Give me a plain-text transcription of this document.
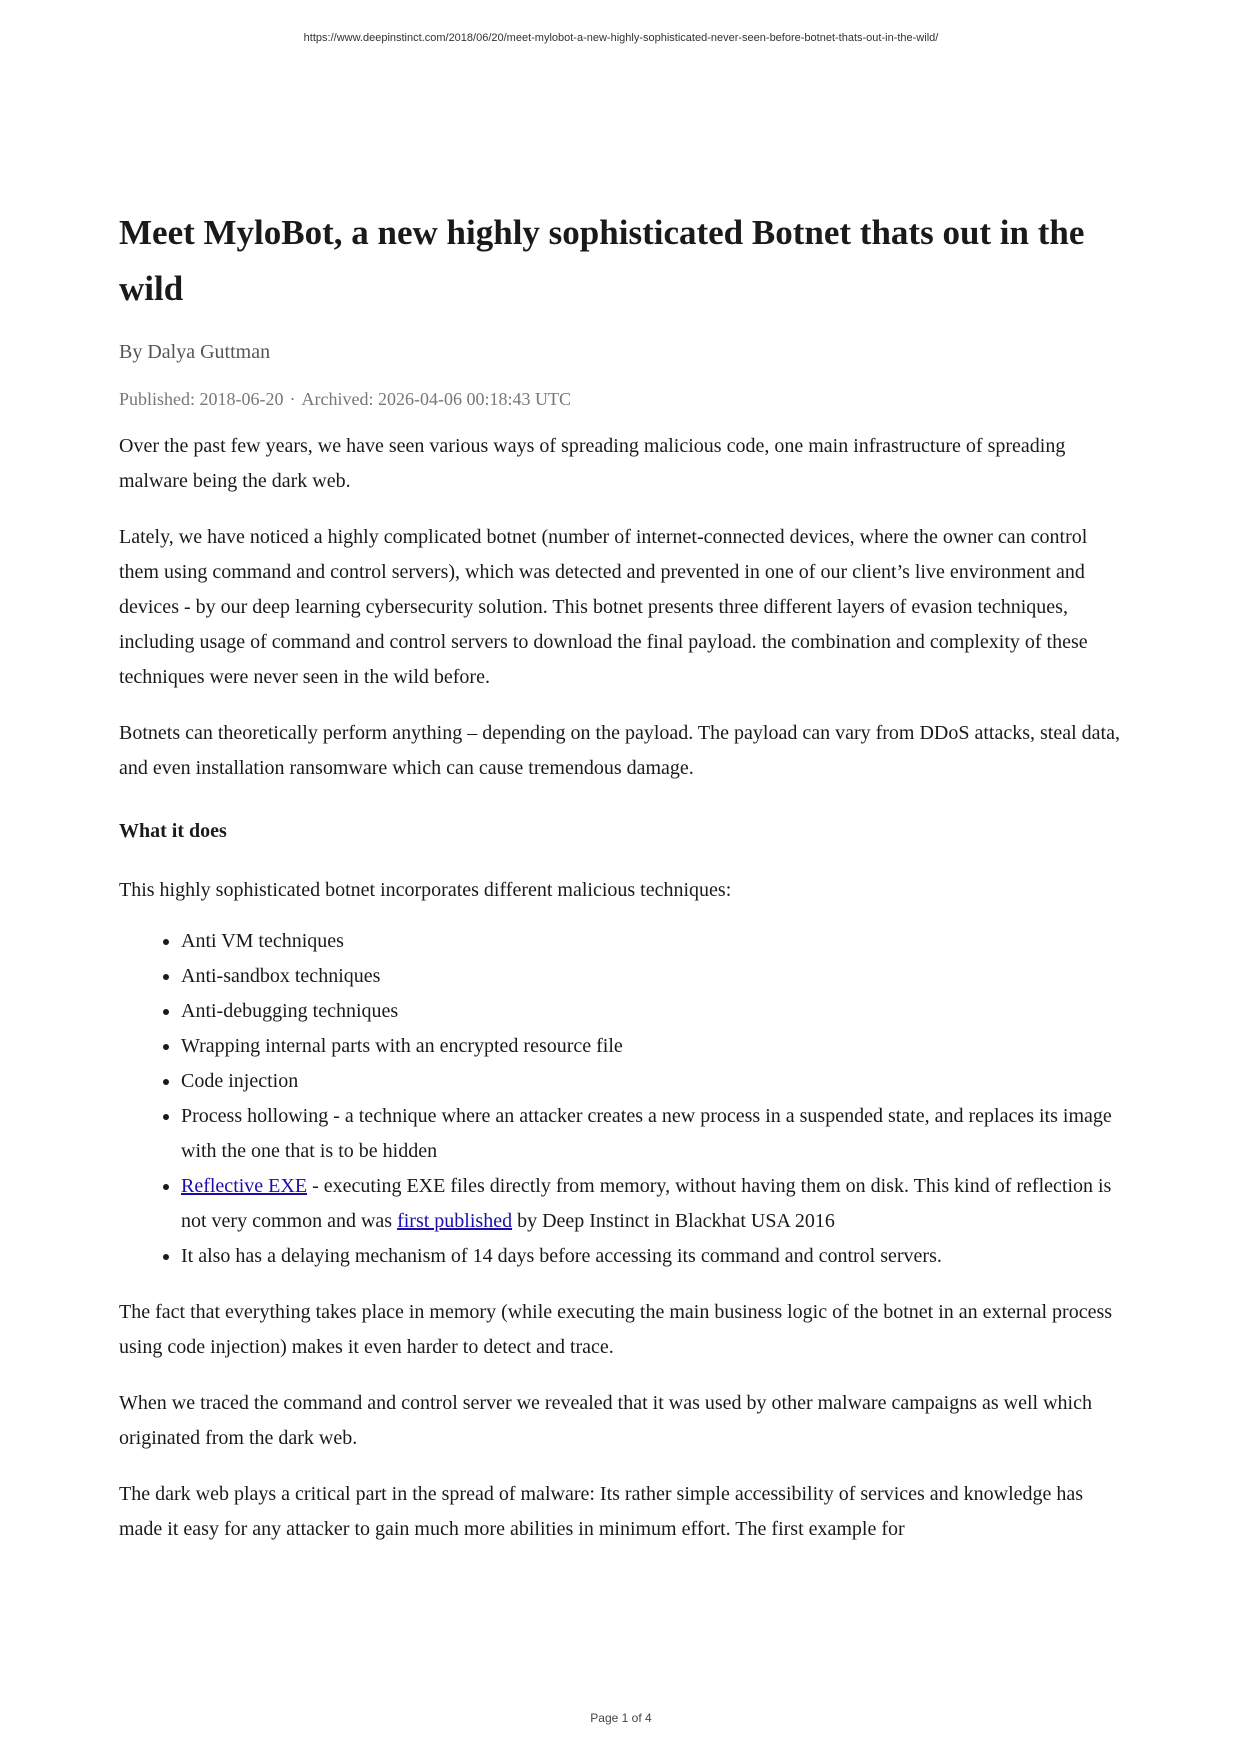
https://www.deepinstinct.com/2018/06/20/meet-mylobot-a-new-highly-sophisticated-never-seen-before-botnet-thats-out-in-the-wild/
Meet MyloBot, a new highly sophisticated Botnet thats out in the wild
By Dalya Guttman
Published: 2018-06-20 · Archived: 2026-04-06 00:18:43 UTC

Over the past few years, we have seen various ways of spreading malicious code, one main infrastructure of spreading malware being the dark web.

Lately, we have noticed a highly complicated botnet (number of internet-connected devices, where the owner can control them using command and control servers), which was detected and prevented in one of our client’s live environment and devices - by our deep learning cybersecurity solution. This botnet presents three different layers of evasion techniques, including usage of command and control servers to download the final payload. the combination and complexity of these techniques were never seen in the wild before.

Botnets can theoretically perform anything – depending on the payload. The payload can vary from DDoS attacks, steal data, and even installation ransomware which can cause tremendous damage.

What it does

This highly sophisticated botnet incorporates different malicious techniques:

• Anti VM techniques
• Anti-sandbox techniques
• Anti-debugging techniques
• Wrapping internal parts with an encrypted resource file
• Code injection
• Process hollowing - a technique where an attacker creates a new process in a suspended state, and replaces its image with the one that is to be hidden
• Reflective EXE - executing EXE files directly from memory, without having them on disk. This kind of reflection is not very common and was first published by Deep Instinct in Blackhat USA 2016
• It also has a delaying mechanism of 14 days before accessing its command and control servers.

The fact that everything takes place in memory (while executing the main business logic of the botnet in an external process using code injection) makes it even harder to detect and trace.

When we traced the command and control server we revealed that it was used by other malware campaigns as well which originated from the dark web.

The dark web plays a critical part in the spread of malware: Its rather simple accessibility of services and knowledge has made it easy for any attacker to gain much more abilities in minimum effort. The first example for

Page 1 of 4
